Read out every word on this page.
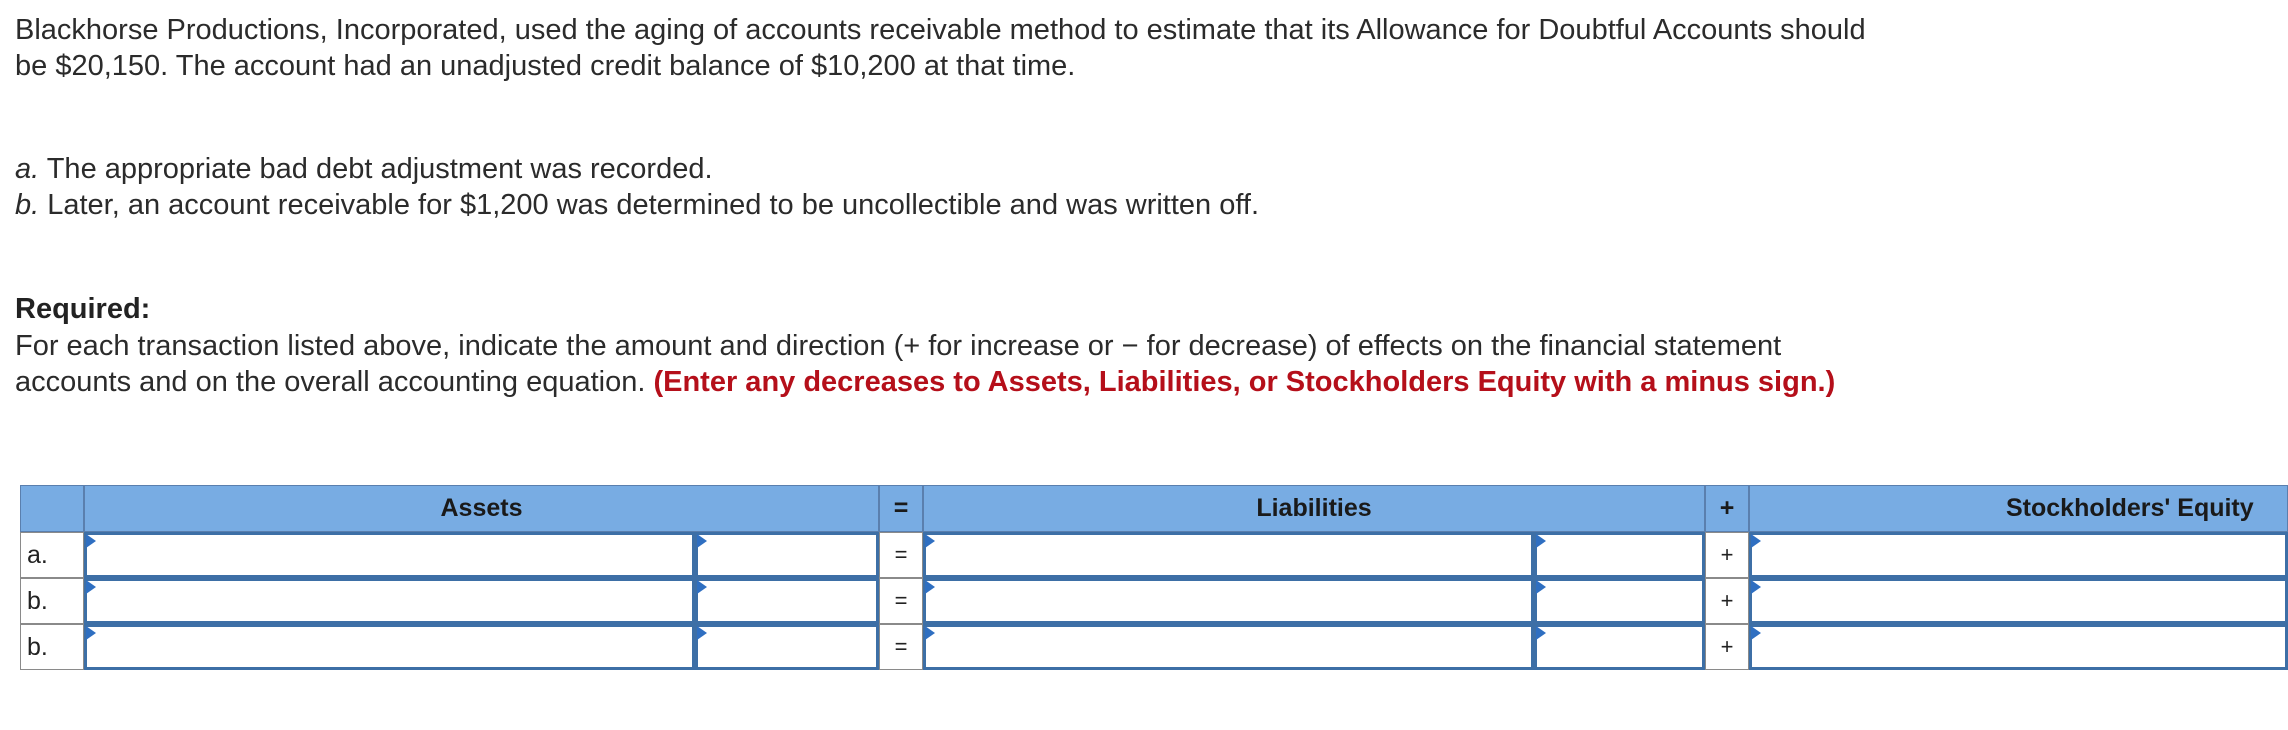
Blackhorse Productions, Incorporated, used the aging of accounts receivable method to estimate that its Allowance for Doubtful Accounts should be $20,150. The account had an unadjusted credit balance of $10,200 at that time.

a. The appropriate bad debt adjustment was recorded.
b. Later, an account receivable for $1,200 was determined to be uncollectible and was written off.

Required:

For each transaction listed above, indicate the amount and direction (+ for increase or − for decrease) of effects on the financial statement accounts and on the overall accounting equation. (Enter any decreases to Assets, Liabilities, or Stockholders Equity with a minus sign.)

Assets	=	Liabilities	+	Stockholders' Equity
a.	=	+
b.	=	+
b.	=	+
